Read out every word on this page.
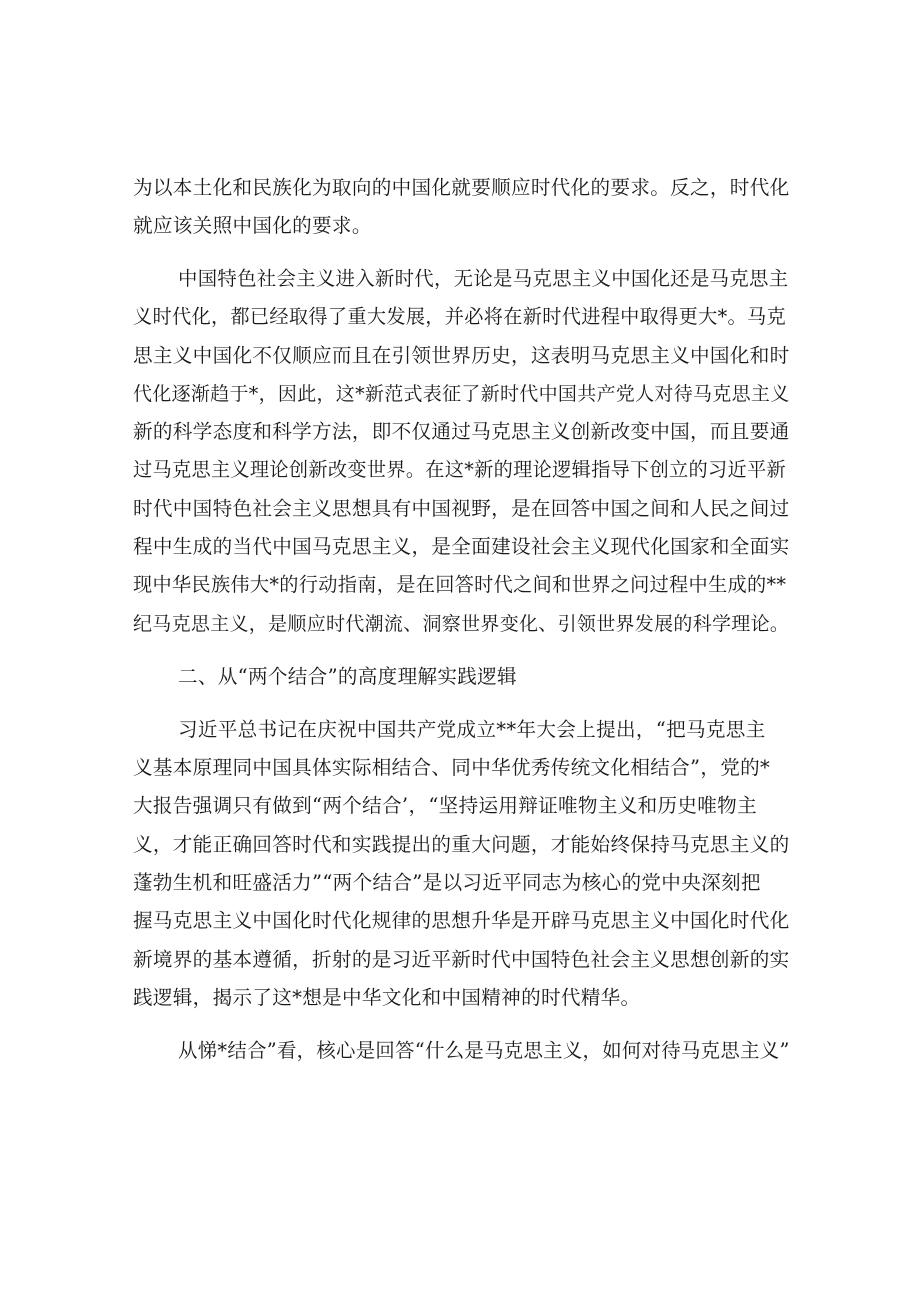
为以本土化和民族化为取向的中国化就要顺应时代化的要求。反之，时代化
就应该关照中国化的要求。
中国特色社会主义进入新时代，无论是马克思主义中国化还是马克思主
义时代化，都已经取得了重大发展，并必将在新时代进程中取得更大*。马克
思主义中国化不仅顺应而且在引领世界历史，这表明马克思主义中国化和时
代化逐渐趋于*，因此，这*新范式表征了新时代中国共产党人对待马克思主义
新的科学态度和科学方法，即不仅通过马克思主义创新改变中国，而且要通
过马克思主义理论创新改变世界。在这*新的理论逻辑指导下创立的习近平新
时代中国特色社会主义思想具有中国视野，是在回答中国之间和人民之间过
程中生成的当代中国马克思主义，是全面建设社会主义现代化国家和全面实
现中华民族伟大*的行动指南，是在回答时代之间和世界之问过程中生成的**
纪马克思主义，是顺应时代潮流、洞察世界变化、引领世界发展的科学理论。
二、从“两个结合”的高度理解实践逻辑
习近平总书记在庆祝中国共产党成立**年大会上提出，“把马克思主
义基本原理同中国具体实际相结合、同中华优秀传统文化相结合”，党的*
大报告强调只有做到“两个结合’，“坚持运用辩证唯物主义和历史唯物主
义，才能正确回答时代和实践提出的重大问题，才能始终保持马克思主义的
蓬勃生机和旺盛活力”“两个结合”是以习近平同志为核心的党中央深刻把
握马克思主义中国化时代化规律的思想升华是开辟马克思主义中国化时代化
新境界的基本遵循，折射的是习近平新时代中国特色社会主义思想创新的实
践逻辑，揭示了这*想是中华文化和中国精神的时代精华。
从悌*结合”看，核心是回答“什么是马克思主义，如何对待马克思主义”
